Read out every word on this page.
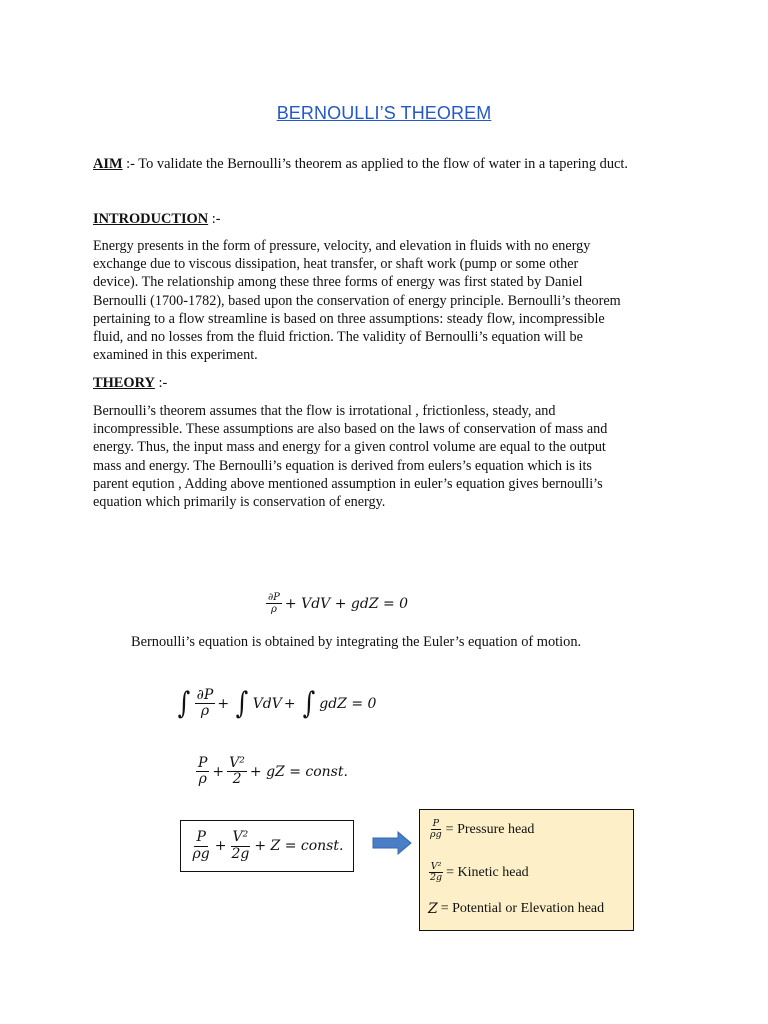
BERNOULLI’S THEOREM
AIM :- To validate the Bernoulli’s theorem as applied to the flow of water in a tapering duct.
INTRODUCTION :-
Energy presents in the form of pressure, velocity, and elevation in fluids with no energy
exchange due to viscous dissipation, heat transfer, or shaft work (pump or some other
device). The relationship among these three forms of energy was first stated by Daniel
Bernoulli (1700-1782), based upon the conservation of energy principle. Bernoulli’s theorem
pertaining to a flow streamline is based on three assumptions: steady flow, incompressible
fluid, and no losses from the fluid friction. The validity of Bernoulli’s equation will be
examined in this experiment.
THEORY :-
Bernoulli’s theorem assumes that the flow is irrotational , frictionless, steady, and
incompressible. These assumptions are also based on the laws of conservation of mass and
energy. Thus, the input mass and energy for a given control volume are equal to the output
mass and energy. The Bernoulli’s equation is derived from eulers’s equation which is its
parent eqution , Adding above mentioned assumption in euler’s equation gives bernoulli’s
equation which primarily is conservation of energy.
$\frac{\partial P}{\rho}$ + VdV + gdZ = 0
Bernoulli’s equation is obtained by integrating the Euler’s equation of motion.
∫ $\frac{\partial P}{\rho}$ + ∫ VdV + ∫ gdZ = 0
$\frac{P}{\rho} + \frac{\text{V²}}{2}$ + gZ = const.
$\frac{P}{\rho g} + \frac{\text{V²}}{2g} + Z$ = const.
$\frac{P}{\rho g}$ = Pressure head
$\frac{\text{V²}}{2g}$ = Kinetic head
Z = Potential or Elevation head
